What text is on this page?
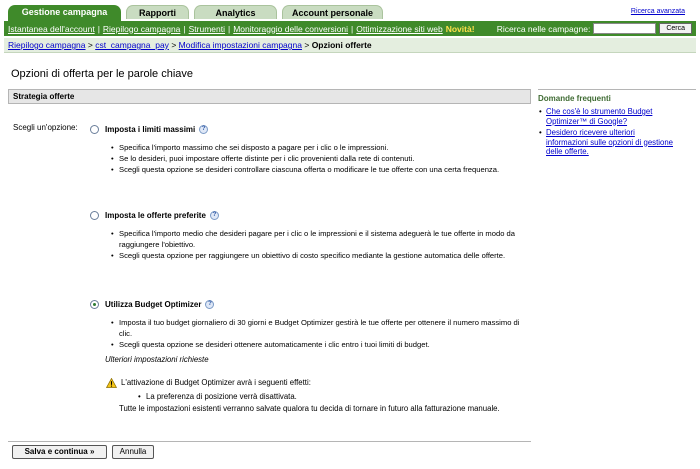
Gestione campagna	Rapporti	Analytics	Account personale	Ricerca avanzata
Istantanea dell'account | Riepilogo campagna | Strumenti | Monitoraggio delle conversioni | Ottimizzazione siti web Novità!	Ricerca nelle campagne:	Cerca
Riepilogo campagna > cst_campagna_pay > Modifica impostazioni campagna > Opzioni offerte
Opzioni di offerta per le parole chiave
Strategia offerte
Scegli un'opzione:	Imposta i limiti massimi	?
• Specifica l'importo massimo che sei disposto a pagare per i clic o le impressioni.
• Se lo desideri, puoi impostare offerte distinte per i clic provenienti dalla rete di contenuti.
• Scegli questa opzione se desideri controllare ciascuna offerta o modificare le tue offerte con una certa frequenza.
Imposta le offerte preferite	?
• Specifica l'importo medio che desideri pagare per i clic o le impressioni e il sistema adeguerà le tue offerte in modo da raggiungere l'obiettivo.
• Scegli questa opzione per raggiungere un obiettivo di costo specifico mediante la gestione automatica delle offerte.
Utilizza Budget Optimizer	?
• Imposta il tuo budget giornaliero di 30 giorni e Budget Optimizer gestirà le tue offerte per ottenere il numero massimo di clic.
• Scegli questa opzione se desideri ottenere automaticamente i clic entro i tuoi limiti di budget.
Ulteriori impostazioni richieste
L'attivazione di Budget Optimizer avrà i seguenti effetti:
• La preferenza di posizione verrà disattivata.
Tutte le impostazioni esistenti verranno salvate qualora tu decida di tornare in futuro alla fatturazione manuale.
Salva e continua »	Annulla
Domande frequenti
• Che cos'è lo strumento Budget Optimizer™ di Google?
• Desidero ricevere ulteriori informazioni sulle opzioni di gestione delle offerte.
